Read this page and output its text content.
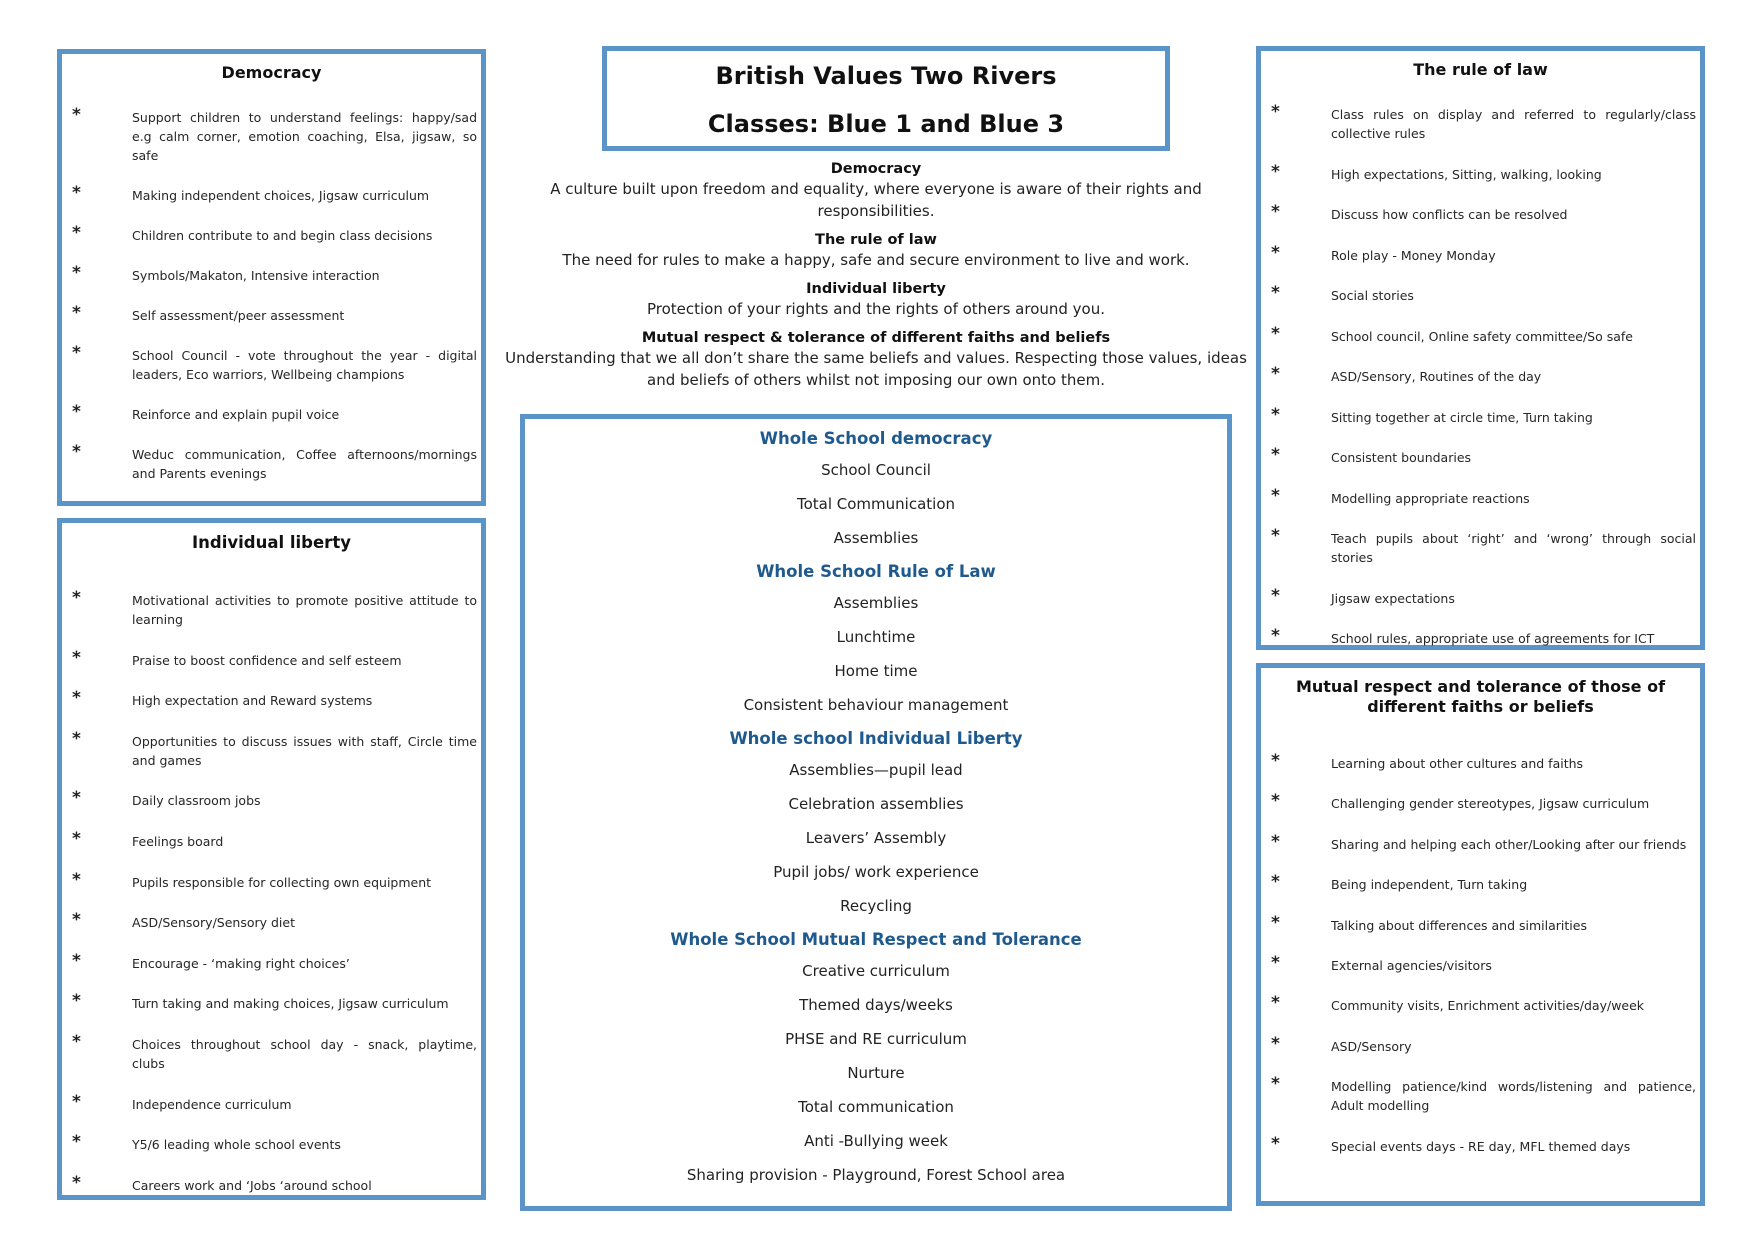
Democracy
*	Support children to understand feelings: happy/sad e.g calm corner, emotion coaching, Elsa, jigsaw, so safe
*	Making independent choices, Jigsaw curriculum
*	Children contribute to and begin class decisions
*	Symbols/Makaton, Intensive interaction
*	Self assessment/peer assessment
*	School Council - vote throughout the year - digital leaders, Eco warriors, Wellbeing champions
*	Reinforce and explain pupil voice
*	Weduc communication, Coffee afternoons/mornings and Parents evenings
Individual liberty
*	Motivational activities to promote positive attitude to learning
*	Praise to boost confidence and self esteem
*	High expectation and Reward systems
*	Opportunities to discuss issues with staff, Circle time and games
*	Daily classroom jobs
*	Feelings board
*	Pupils responsible for collecting own equipment
*	ASD/Sensory/Sensory diet
*	Encourage - ‘making right choices’
*	Turn taking and making choices, Jigsaw curriculum
*	Choices throughout school day - snack, playtime, clubs
*	Independence curriculum
*	Y5/6 leading whole school events
*	Careers work and ‘Jobs ‘around school
British Values Two Rivers
Classes: Blue 1 and Blue 3
Democracy
A culture built upon freedom and equality, where everyone is aware of their rights and responsibilities.
The rule of law
The need for rules to make a happy, safe and secure environment to live and work.
Individual liberty
Protection of your rights and the rights of others around you.
Mutual respect & tolerance of different faiths and beliefs
Understanding that we all don’t share the same beliefs and values. Respecting those values, ideas and beliefs of others whilst not imposing our own onto them.
Whole School democracy
School Council
Total Communication
Assemblies
Whole School Rule of Law
Assemblies
Lunchtime
Home time
Consistent behaviour management
Whole school Individual Liberty
Assemblies—pupil lead
Celebration assemblies
Leavers’ Assembly
Pupil jobs/ work experience
Recycling
Whole School Mutual Respect and Tolerance
Creative curriculum
Themed days/weeks
PHSE and RE curriculum
Nurture
Total communication
Anti -Bullying week
Sharing provision - Playground, Forest School area
The rule of law
*	Class rules on display and referred to regularly/class collective rules
*	High expectations, Sitting, walking, looking
*	Discuss how conflicts can be resolved
*	Role play - Money Monday
*	Social stories
*	School council, Online safety committee/So safe
*	ASD/Sensory, Routines of the day
*	Sitting together at circle time, Turn taking
*	Consistent boundaries
*	Modelling appropriate reactions
*	Teach pupils about ‘right’ and ‘wrong’ through social stories
*	Jigsaw expectations
*	School rules, appropriate use of agreements for ICT
Mutual respect and tolerance of those of different faiths or beliefs
*	Learning about other cultures and faiths
*	Challenging gender stereotypes, Jigsaw curriculum
*	Sharing and helping each other/Looking after our friends
*	Being independent, Turn taking
*	Talking about differences and similarities
*	External agencies/visitors
*	Community visits, Enrichment activities/day/week
*	ASD/Sensory
*	Modelling patience/kind words/listening and patience, Adult modelling
*	Special events days - RE day, MFL themed days
